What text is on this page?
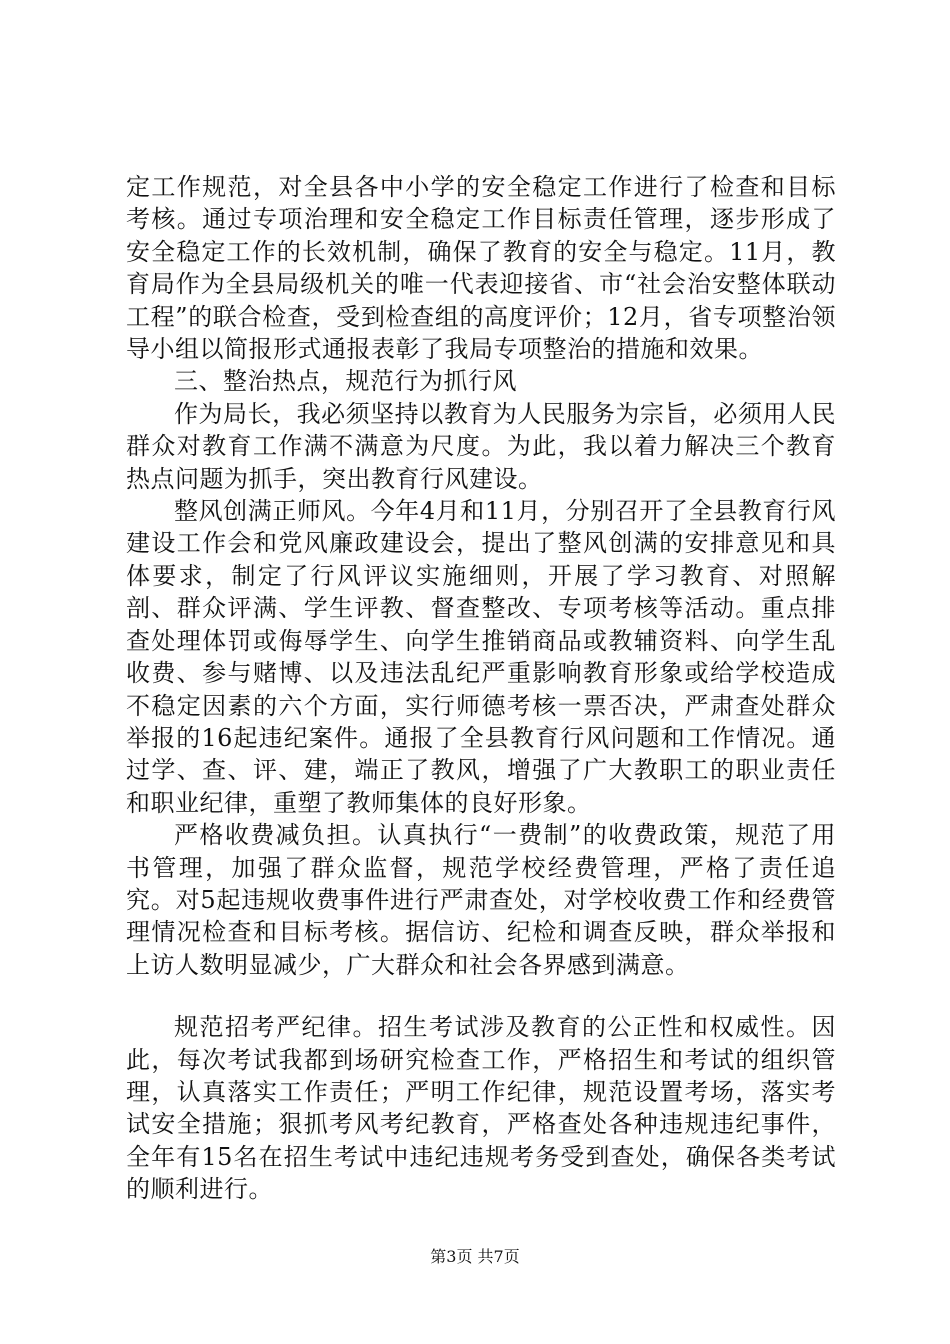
定工作规范，对全县各中小学的安全稳定工作进行了检查和目标考核。通过专项治理和安全稳定工作目标责任管理，逐步形成了安全稳定工作的长效机制，确保了教育的安全与稳定。11月，教育局作为全县局级机关的唯一代表迎接省、市“社会治安整体联动工程”的联合检查，受到检查组的高度评价；12月，省专项整治领导小组以简报形式通报表彰了我局专项整治的措施和效果。

三、整治热点，规范行为抓行风

作为局长，我必须坚持以教育为人民服务为宗旨，必须用人民群众对教育工作满不满意为尺度。为此，我以着力解决三个教育热点问题为抓手，突出教育行风建设。

整风创满正师风。今年4月和11月，分别召开了全县教育行风建设工作会和党风廉政建设会，提出了整风创满的安排意见和具体要求，制定了行风评议实施细则，开展了学习教育、对照解剖、群众评满、学生评教、督查整改、专项考核等活动。重点排查处理体罚或侮辱学生、向学生推销商品或教辅资料、向学生乱收费、参与赌博、以及违法乱纪严重影响教育形象或给学校造成不稳定因素的六个方面，实行师德考核一票否决，严肃查处群众举报的16起违纪案件。通报了全县教育行风问题和工作情况。通过学、查、评、建，端正了教风，增强了广大教职工的职业责任和职业纪律，重塑了教师集体的良好形象。

严格收费减负担。认真执行“一费制”的收费政策，规范了用书管理，加强了群众监督，规范学校经费管理，严格了责任追究。对5起违规收费事件进行严肃查处，对学校收费工作和经费管理情况检查和目标考核。据信访、纪检和调查反映，群众举报和上访人数明显减少，广大群众和社会各界感到满意。

规范招考严纪律。招生考试涉及教育的公正性和权威性。因此，每次考试我都到场研究检查工作，严格招生和考试的组织管理，认真落实工作责任；严明工作纪律，规范设置考场，落实考试安全措施；狠抓考风考纪教育，严格查处各种违规违纪事件，全年有15名在招生考试中违纪违规考务受到查处，确保各类考试的顺利进行。

第3页 共7页
